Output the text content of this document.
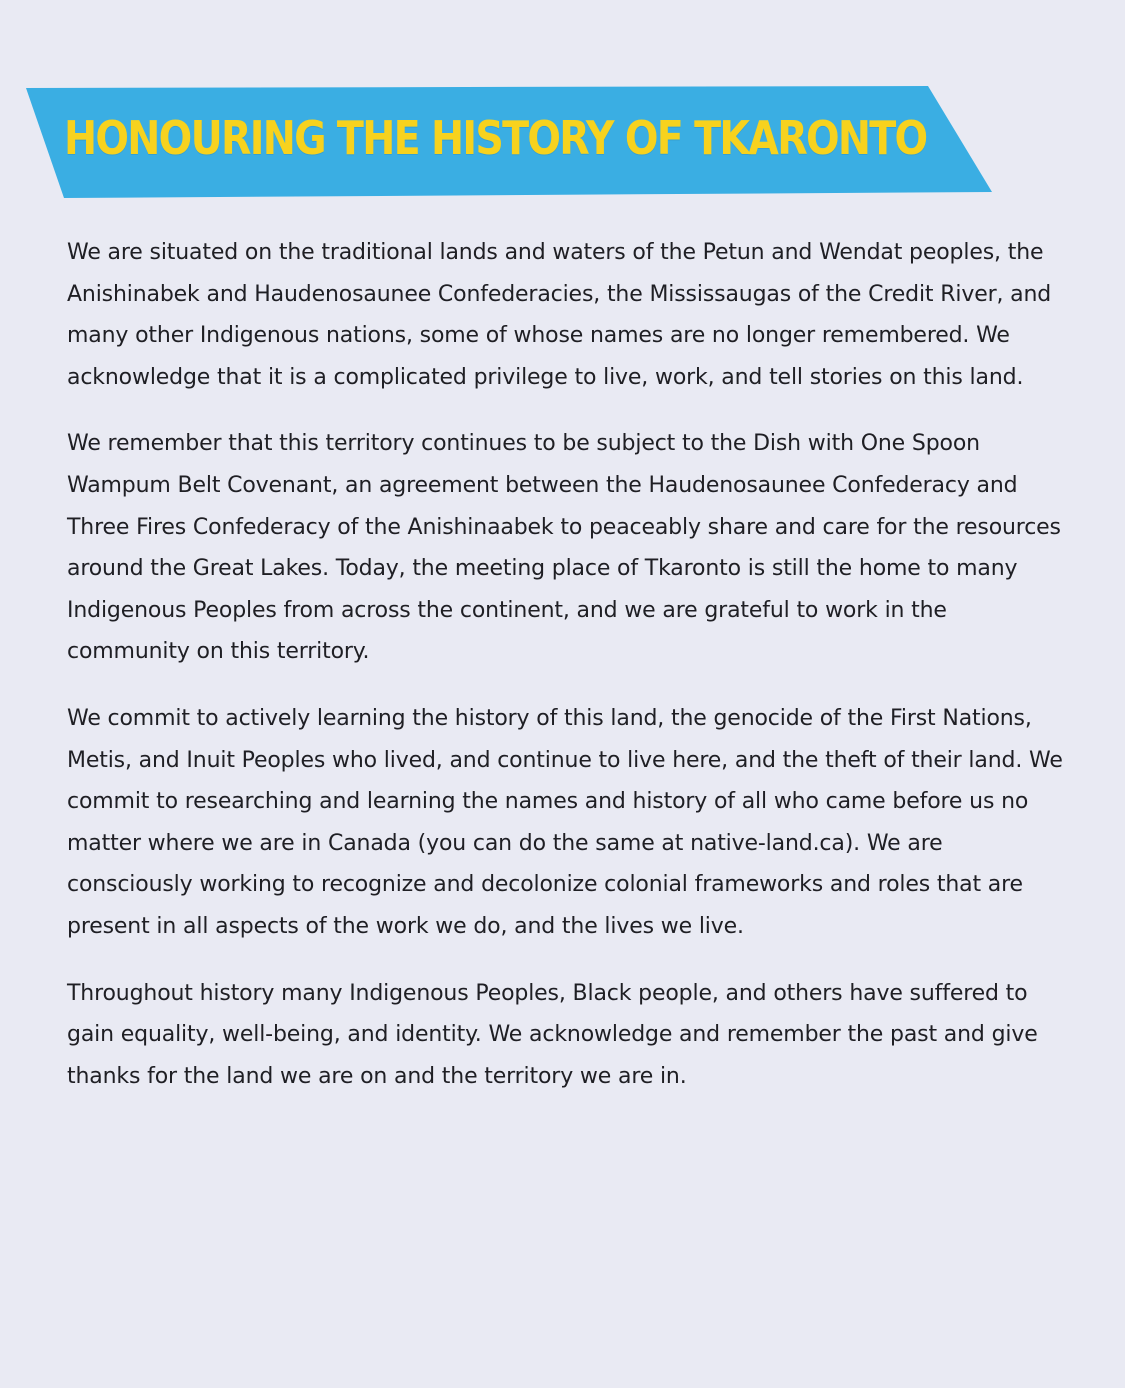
HONOURING THE HISTORY OF TKARONTO

We are situated on the traditional lands and waters of the Petun and Wendat peoples, the Anishinabek and Haudenosaunee Confederacies, the Mississaugas of the Credit River, and many other Indigenous nations, some of whose names are no longer remembered. We acknowledge that it is a complicated privilege to live, work, and tell stories on this land.

We remember that this territory continues to be subject to the Dish with One Spoon Wampum Belt Covenant, an agreement between the Haudenosaunee Confederacy and Three Fires Confederacy of the Anishinaabek to peaceably share and care for the resources around the Great Lakes. Today, the meeting place of Tkaronto is still the home to many Indigenous Peoples from across the continent, and we are grateful to work in the community on this territory.

We commit to actively learning the history of this land, the genocide of the First Nations, Metis, and Inuit Peoples who lived, and continue to live here, and the theft of their land. We commit to researching and learning the names and history of all who came before us no matter where we are in Canada (you can do the same at native-land.ca). We are consciously working to recognize and decolonize colonial frameworks and roles that are present in all aspects of the work we do, and the lives we live.

Throughout history many Indigenous Peoples, Black people, and others have suffered to gain equality, well-being, and identity. We acknowledge and remember the past and give thanks for the land we are on and the territory we are in.
